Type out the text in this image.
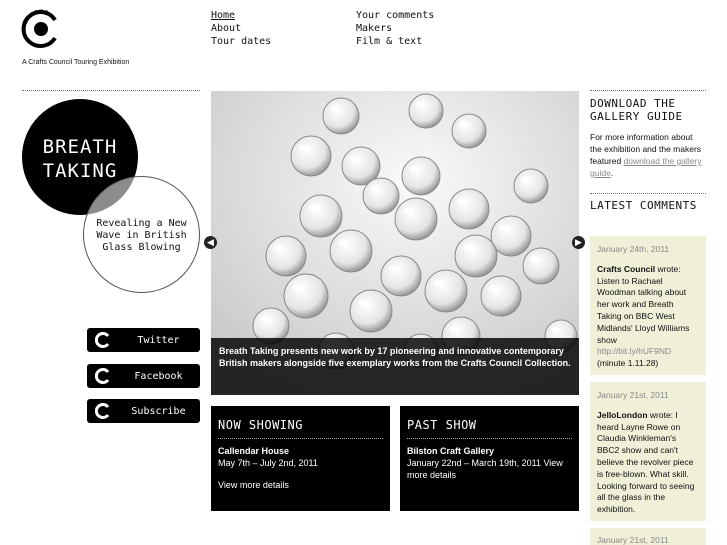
CRAFTS
A Crafts Council Touring Exhibition
Home
About
Tour dates
Your comments
Makers
Film & text
BREATH
TAKING
Revealing a New Wave in British Glass Blowing
Twitter
Facebook
Subscribe
Breath Taking presents new work by 17 pioneering and innovative contemporary British makers alongside five exemplary works from the Crafts Council Collection.
◀	▶
NOW SHOWING
Callendar House
May 7th – July 2nd, 2011
View more details
PAST SHOW
Bilston Craft Gallery
January 22nd – March 19th, 2011 View more details
DOWNLOAD THE GALLERY GUIDE
For more information about the exhibition and the makers featured download the gallery guide.
LATEST COMMENTS
January 24th, 2011
Crafts Council wrote: Listen to Rachael Woodman talking about her work and Breath Taking on BBC West Midlands' Lloyd Williams show
http://bit.ly/hUF9ND
(minute 1.11.28)
January 21st, 2011
JelloLondon wrote: I heard Layne Rowe on Claudia Winkleman's BBC2 show and can't believe the revolver piece is free-blown. What skill. Looking forward to seeing all the glass in the exhibition.
January 21st, 2011
